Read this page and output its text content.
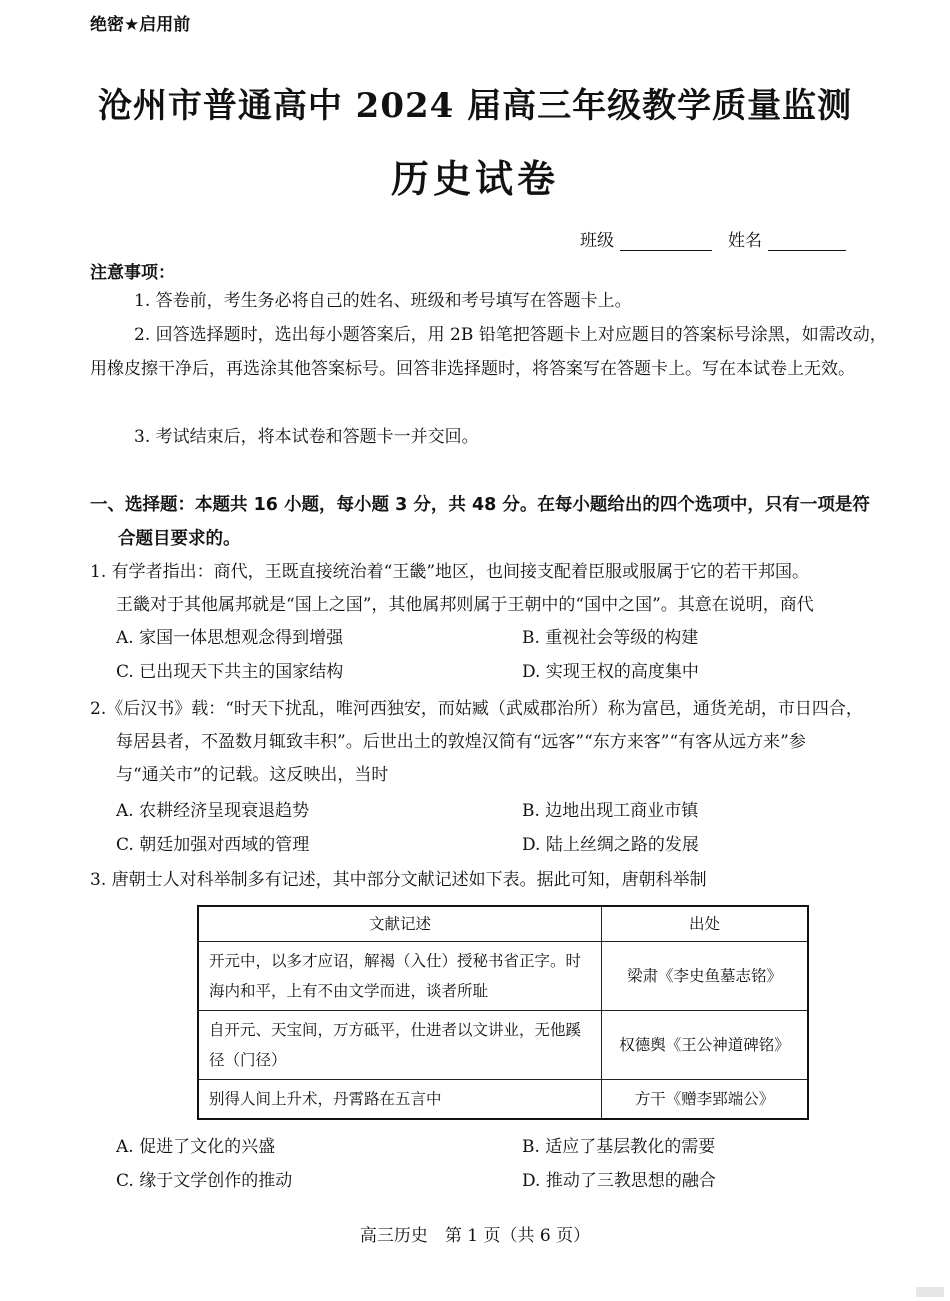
绝密★启用前
沧州市普通高中 2024 届高三年级教学质量监测
历史试卷
班级	姓名
注意事项：
1. 答卷前，考生务必将自己的姓名、班级和考号填写在答题卡上。
2. 回答选择题时，选出每小题答案后，用 2B 铅笔把答题卡上对应题目的答案标号涂黑，如需改动，用橡皮擦干净后，再选涂其他答案标号。回答非选择题时，将答案写在答题卡上。写在本试卷上无效。
3. 考试结束后，将本试卷和答题卡一并交回。
一、选择题：本题共 16 小题，每小题 3 分，共 48 分。在每小题给出的四个选项中，只有一项是符
合题目要求的。
1. 有学者指出：商代，王既直接统治着“王畿”地区，也间接支配着臣服或服属于它的若干邦国。
王畿对于其他属邦就是“国上之国”，其他属邦则属于王朝中的“国中之国”。其意在说明，商代
A. 家国一体思想观念得到增强	B. 重视社会等级的构建
C. 已出现天下共主的国家结构	D. 实现王权的高度集中
2.《后汉书》载：“时天下扰乱，唯河西独安，而姑臧（武威郡治所）称为富邑，通货羌胡，市日四合，
每居县者，不盈数月辄致丰积”。后世出土的敦煌汉简有“远客”“东方来客”“有客从远方来”参
与“通关市”的记载。这反映出，当时
A. 农耕经济呈现衰退趋势	B. 边地出现工商业市镇
C. 朝廷加强对西域的管理	D. 陆上丝绸之路的发展
3. 唐朝士人对科举制多有记述，其中部分文献记述如下表。据此可知，唐朝科举制
文献记述	出处
开元中，以多才应诏，解褐（入仕）授秘书省正字。时海内和平，上有不由文学而进，谈者所耻	梁肃《李史鱼墓志铭》
自开元、天宝间，万方砥平，仕进者以文讲业，无他蹊径（门径）	权德舆《王公神道碑铭》
别得人间上升术，丹霄路在五言中	方干《赠李郢端公》
A. 促进了文化的兴盛	B. 适应了基层教化的需要
C. 缘于文学创作的推动	D. 推动了三教思想的融合
高三历史　第 1 页（共 6 页）
